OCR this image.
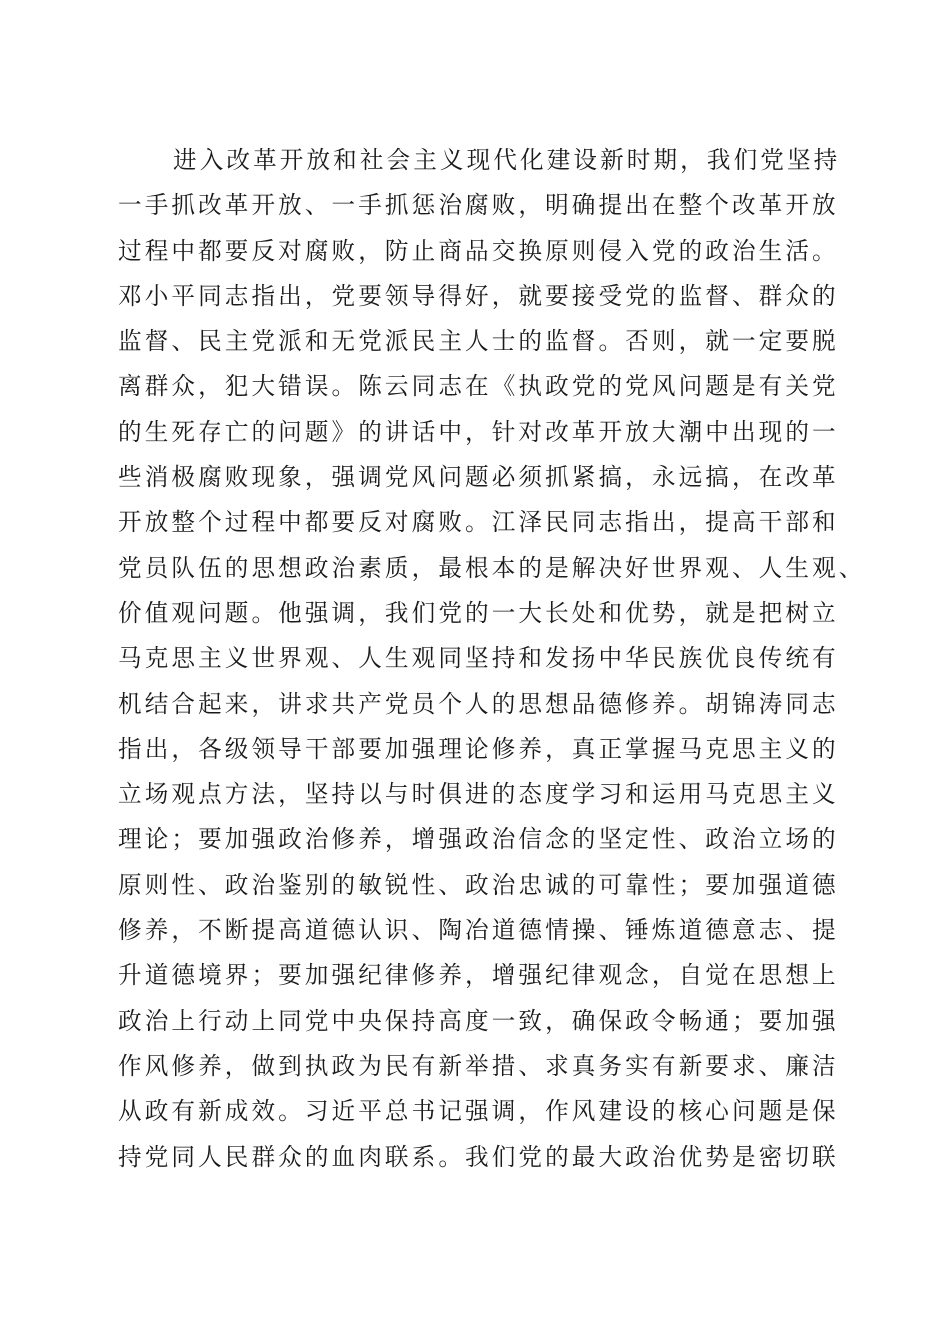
进入改革开放和社会主义现代化建设新时期，我们党坚持
一手抓改革开放、一手抓惩治腐败，明确提出在整个改革开放
过程中都要反对腐败，防止商品交换原则侵入党的政治生活。
邓小平同志指出，党要领导得好，就要接受党的监督、群众的
监督、民主党派和无党派民主人士的监督。否则，就一定要脱
离群众，犯大错误。陈云同志在《执政党的党风问题是有关党
的生死存亡的问题》的讲话中，针对改革开放大潮中出现的一
些消极腐败现象，强调党风问题必须抓紧搞，永远搞，在改革
开放整个过程中都要反对腐败。江泽民同志指出，提高干部和
党员队伍的思想政治素质，最根本的是解决好世界观、人生观、
价值观问题。他强调，我们党的一大长处和优势，就是把树立
马克思主义世界观、人生观同坚持和发扬中华民族优良传统有
机结合起来，讲求共产党员个人的思想品德修养。胡锦涛同志
指出，各级领导干部要加强理论修养，真正掌握马克思主义的
立场观点方法，坚持以与时俱进的态度学习和运用马克思主义
理论；要加强政治修养，增强政治信念的坚定性、政治立场的
原则性、政治鉴别的敏锐性、政治忠诚的可靠性；要加强道德
修养，不断提高道德认识、陶冶道德情操、锤炼道德意志、提
升道德境界；要加强纪律修养，增强纪律观念，自觉在思想上
政治上行动上同党中央保持高度一致，确保政令畅通；要加强
作风修养，做到执政为民有新举措、求真务实有新要求、廉洁
从政有新成效。习近平总书记强调，作风建设的核心问题是保
持党同人民群众的血肉联系。我们党的最大政治优势是密切联
